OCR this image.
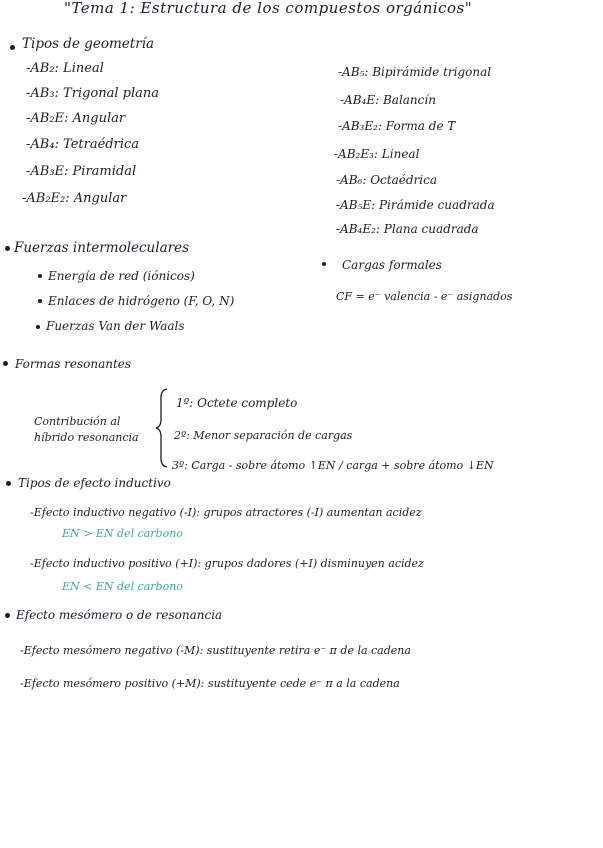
"Tema 1: Estructura de los compuestos orgánicos"
Tipos de geometría
-AB₂: Lineal
-AB₃: Trigonal plana
-AB₂E: Angular
-AB₄: Tetraédrica
-AB₃E: Piramidal
-AB₂E₂: Angular
-AB₅: Bipirámide trigonal
-AB₄E: Balancín
-AB₃E₂: Forma de T
-AB₂E₃: Lineal
-AB₆: Octaédrica
-AB₅E: Pirámide cuadrada
-AB₄E₂: Plana cuadrada
Fuerzas intermoleculares
Energía de red (iónicos)
Enlaces de hidrógeno (F, O, N)
Fuerzas Van der Waals
Cargas formales
CF = e⁻ valencia - e⁻ asignados
Formas resonantes
Contribución al
híbrido resonancia
1º: Octete completo
2º: Menor separación de cargas
3º: Carga - sobre átomo ↑EN / carga + sobre átomo ↓EN
Tipos de efecto inductivo
-Efecto inductivo negativo (-I): grupos atractores (-I) aumentan acidez
EN > EN del carbono
-Efecto inductivo positivo (+I): grupos dadores (+I) disminuyen acidez
EN < EN del carbono
Efecto mesómero o de resonancia
-Efecto mesómero negativo (-M): sustituyente retira e⁻ π de la cadena
-Efecto mesómero positivo (+M): sustituyente cede e⁻ π a la cadena
